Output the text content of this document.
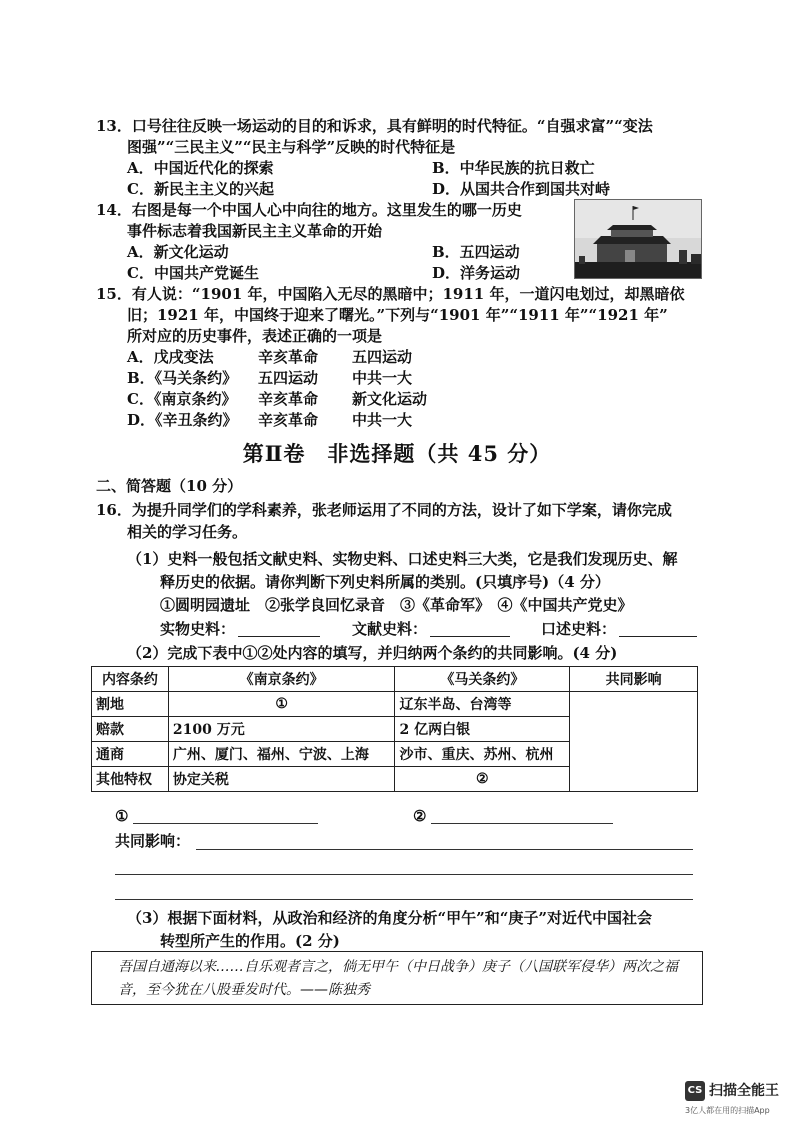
13．口号往往反映一场运动的目的和诉求，具有鲜明的时代特征。“自强求富”“变法
图强”“三民主义”“民主与科学”反映的时代特征是
A．中国近代化的探索	B．中华民族的抗日救亡
C．新民主主义的兴起	D．从国共合作到国共对峙
14．右图是每一个中国人心中向往的地方。这里发生的哪一历史
事件标志着我国新民主主义革命的开始
A．新文化运动	B．五四运动
C．中国共产党诞生	D．洋务运动
15．有人说：“1901 年，中国陷入无尽的黑暗中；1911 年，一道闪电划过，却黑暗依
旧；1921 年，中国终于迎来了曙光。”下列与“1901 年”“1911 年”“1921 年”
所对应的历史事件，表述正确的一项是
A．戊戌变法	辛亥革命 五四运动
B．《马关条约》 五四运动 中共一大
C．《南京条约》 辛亥革命 新文化运动
D．《辛丑条约》 辛亥革命 中共一大
第Ⅱ卷　非选择题（共 45 分）
二、简答题（10 分）
16．为提升同学们的学科素养，张老师运用了不同的方法，设计了如下学案，请你完成
相关的学习任务。
（1）史料一般包括文献史料、实物史料、口述史料三大类，它是我们发现历史、解
释历史的依据。请你判断下列史料所属的类别。(只填序号)（4 分）
①圆明园遗址　②张学良回忆录音　③《革命军》　④《中国共产党史》
实物史料：	文献史料：	口述史料：
（2）完成下表中①②处内容的填写，并归纳两个条约的共同影响。(4 分)
内容条约	《南京条约》	《马关条约》	共同影响
割地	①	辽东半岛、台湾等	
赔款	2100 万元	2 亿两白银	
通商	广州、厦门、福州、宁波、上海	沙市、重庆、苏州、杭州	
其他特权	协定关税	②	
①	②
共同影响：
（3）根据下面材料，从政治和经济的角度分析“甲午”和“庚子”对近代中国社会
转型所产生的作用。(2 分)
吾国自通海以来……自乐观者言之，倘无甲午（中日战争）庚子（八国联军侵华）两次之福音，至今犹在八股垂发时代。——陈独秀
CS 扫描全能王
3亿人都在用的扫描App
